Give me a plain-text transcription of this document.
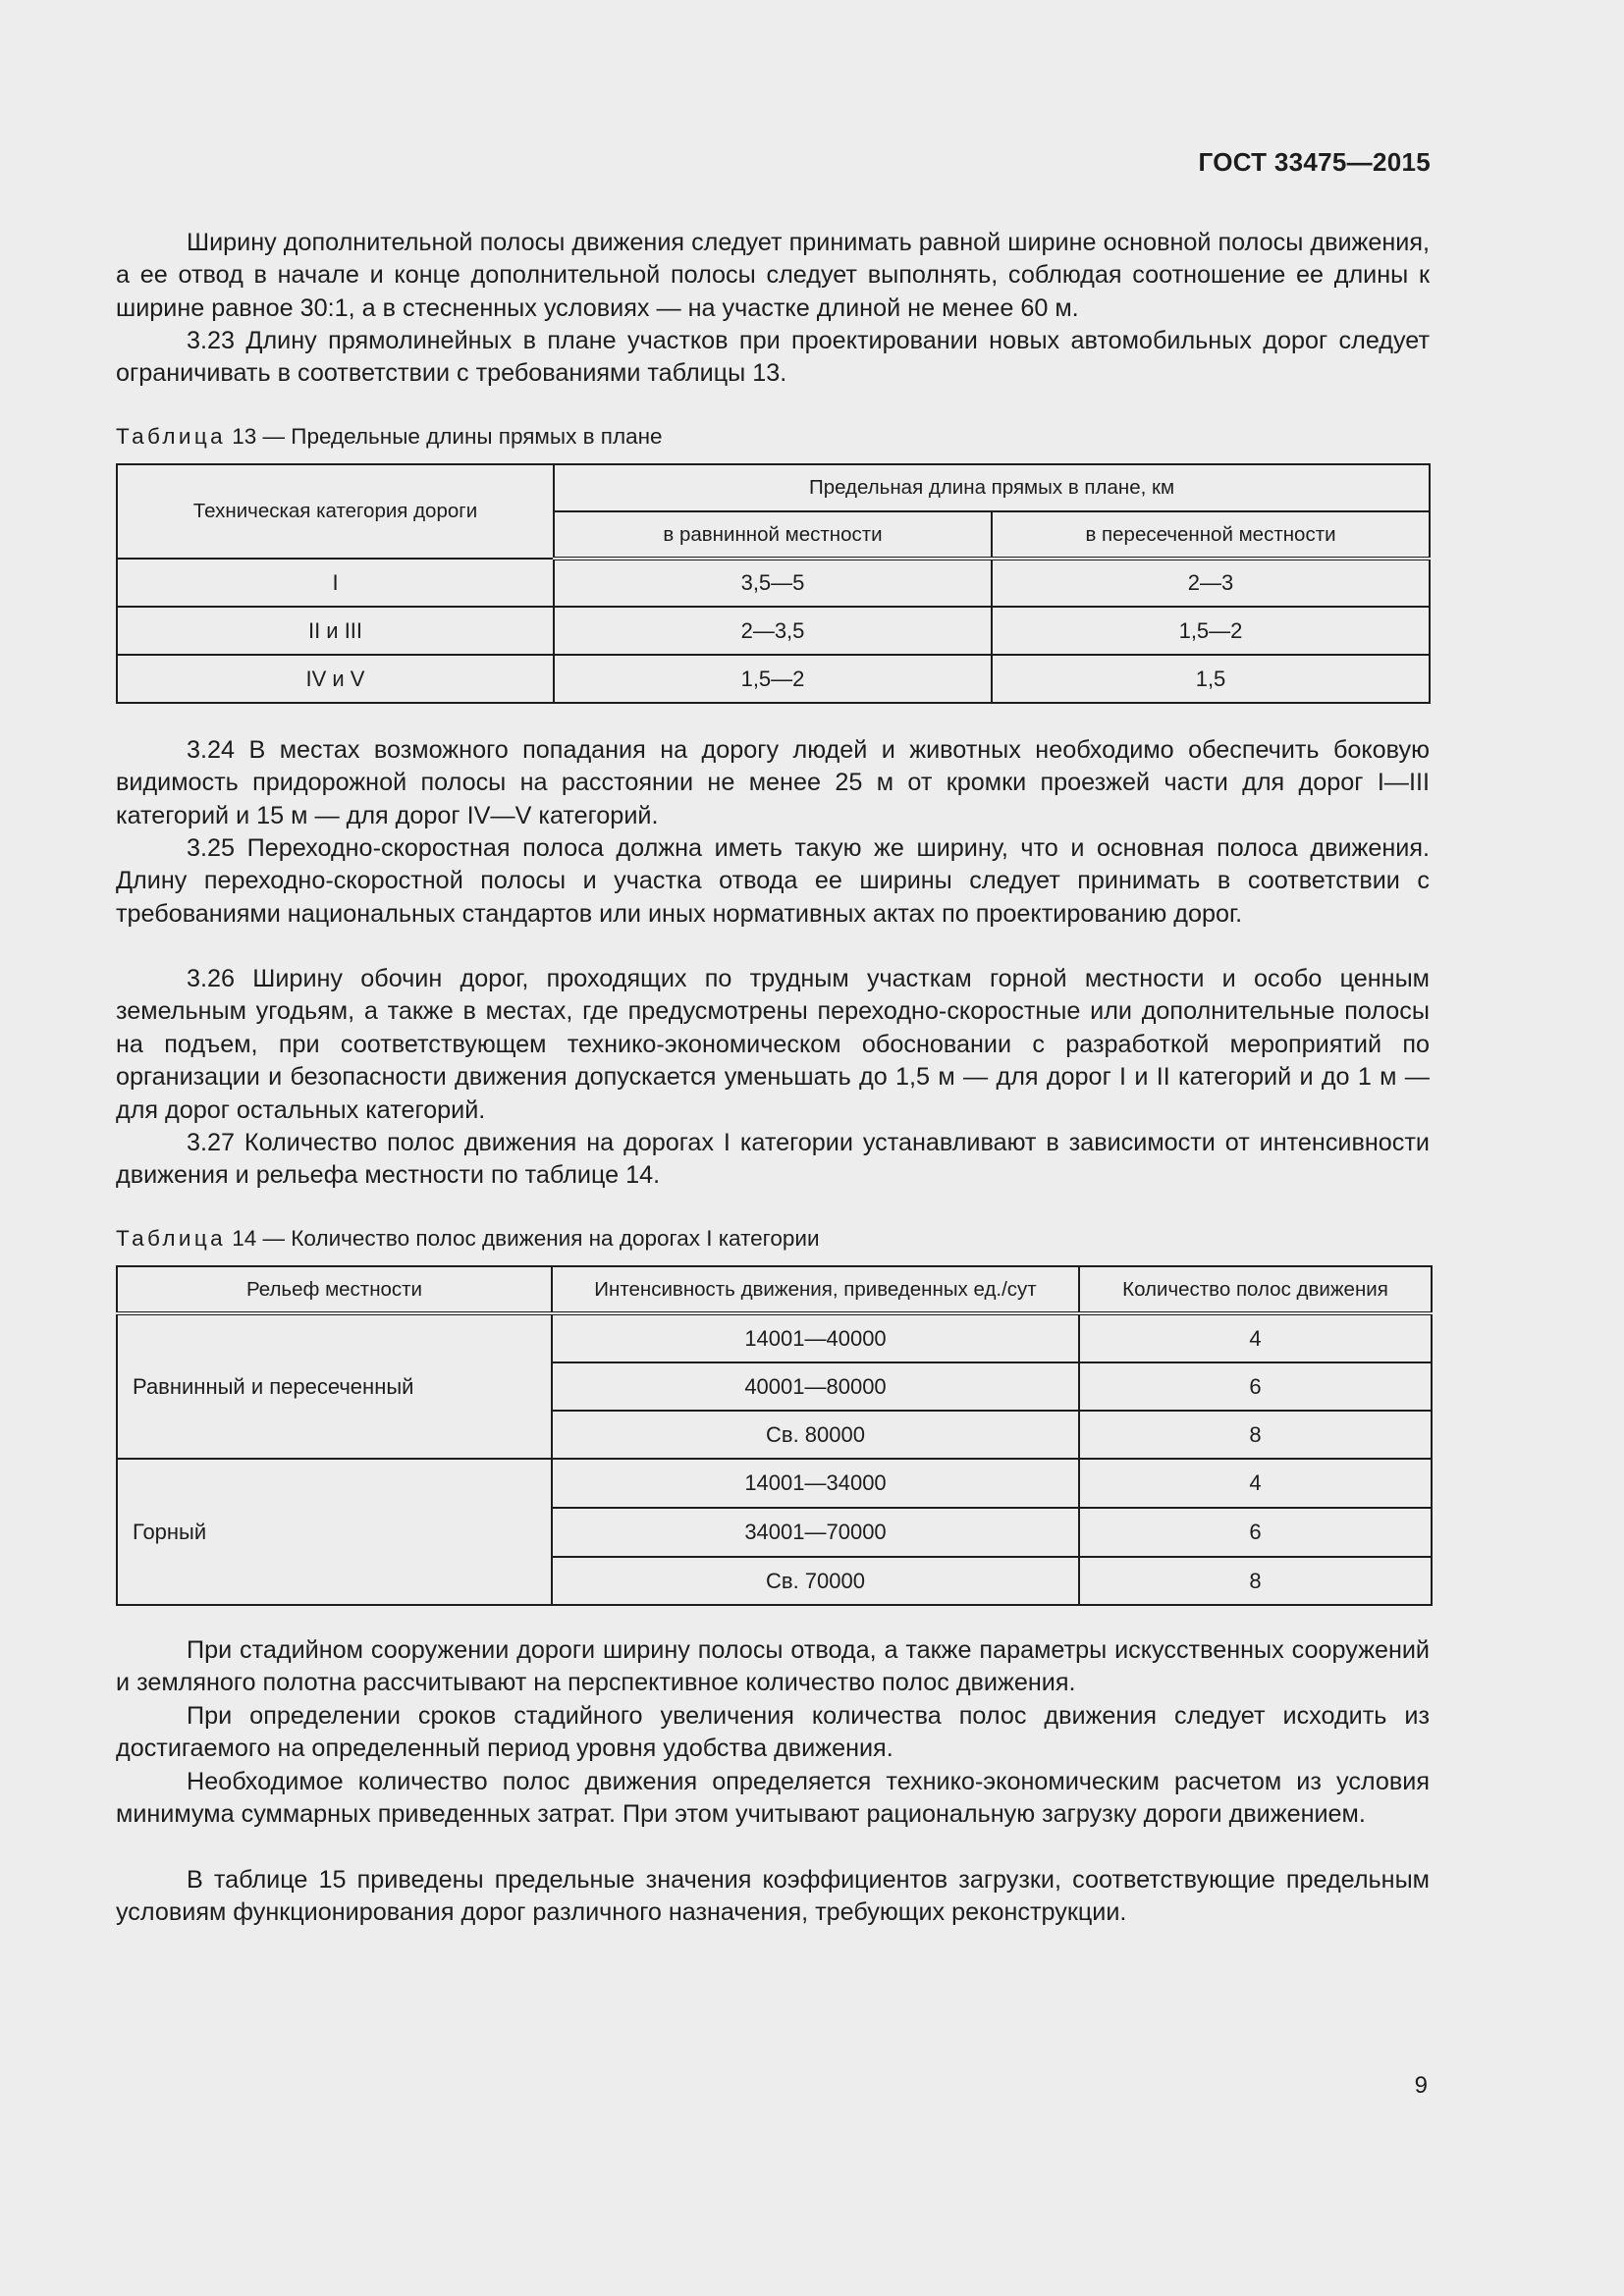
ГОСТ 33475—2015

Ширину дополнительной полосы движения следует принимать равной ширине основной полосы движения, а ее отвод в начале и конце дополнительной полосы следует выполнять, соблюдая соотношение ее длины к ширине равное 30:1, а в стесненных условиях — на участке длиной не менее 60 м.

3.23 Длину прямолинейных в плане участков при проектировании новых автомобильных дорог следует ограничивать в соответствии с требованиями таблицы 13.

Таблица 13 — Предельные длины прямых в плане
Техническая категория дороги	Предельная длина прямых в плане, км	
	в равнинной местности	в пересеченной местности
I	3,5—5	2—3
II и III	2—3,5	1,5—2
IV и V	1,5—2	1,5

3.24 В местах возможного попадания на дорогу людей и животных необходимо обеспечить боковую видимость придорожной полосы на расстоянии не менее 25 м от кромки проезжей части для дорог I—III категорий и 15 м — для дорог IV—V категорий.

3.25 Переходно-скоростная полоса должна иметь такую же ширину, что и основная полоса движения. Длину переходно-скоростной полосы и участка отвода ее ширины следует принимать в соответствии с требованиями национальных стандартов или иных нормативных актах по проектированию дорог.

3.26 Ширину обочин дорог, проходящих по трудным участкам горной местности и особо ценным земельным угодьям, а также в местах, где предусмотрены переходно-скоростные или дополнительные полосы на подъем, при соответствующем технико-экономическом обосновании с разработкой мероприятий по организации и безопасности движения допускается уменьшать до 1,5 м — для дорог I и II категорий и до 1 м — для дорог остальных категорий.

3.27 Количество полос движения на дорогах I категории устанавливают в зависимости от интенсивности движения и рельефа местности по таблице 14.

Таблица 14 — Количество полос движения на дорогах I категории
Рельеф местности	Интенсивность движения, приведенных ед./сут	Количество полос движения
Равнинный и пересеченный	14001—40000	4
	40001—80000	6
	Св. 80000	8
Горный	14001—34000	4
	34001—70000	6
	Св. 70000	8

При стадийном сооружении дороги ширину полосы отвода, а также параметры искусственных сооружений и земляного полотна рассчитывают на перспективное количество полос движения.

При определении сроков стадийного увеличения количества полос движения следует исходить из достигаемого на определенный период уровня удобства движения.

Необходимое количество полос движения определяется технико-экономическим расчетом из условия минимума суммарных приведенных затрат. При этом учитывают рациональную загрузку дороги движением.

В таблице 15 приведены предельные значения коэффициентов загрузки, соответствующие предельным условиям функционирования дорог различного назначения, требующих реконструкции.

9
